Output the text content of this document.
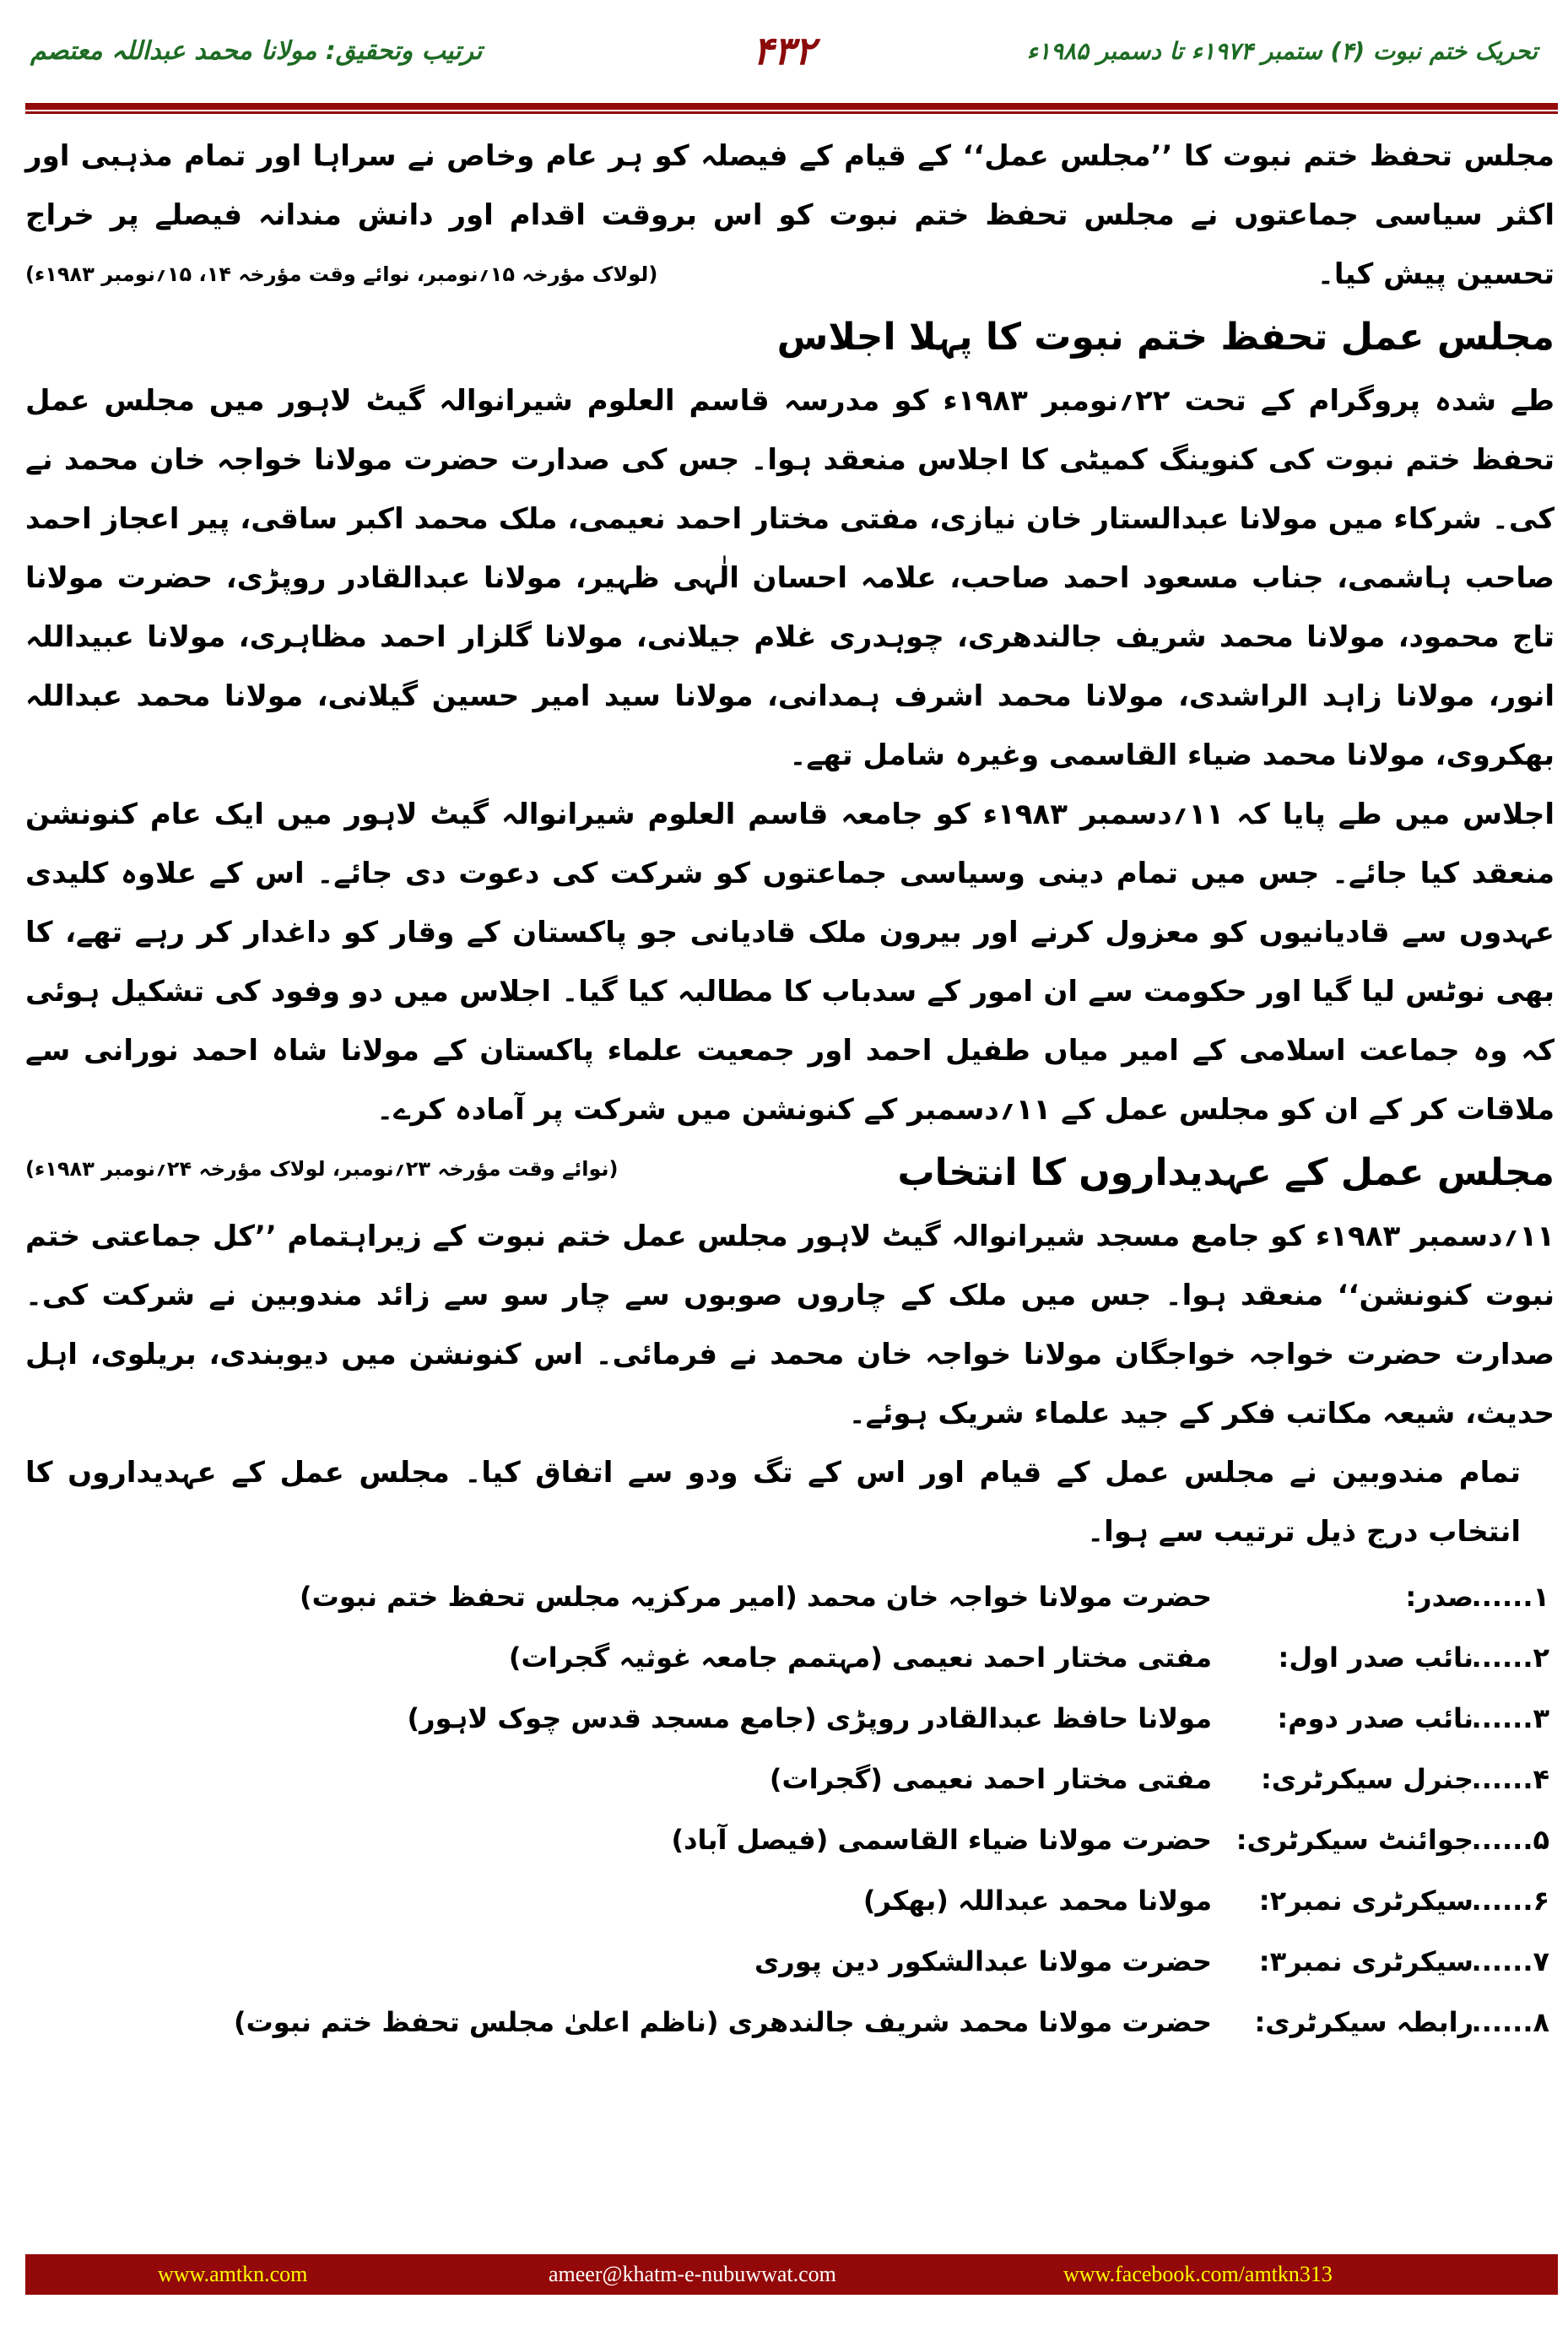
ترتیب وتحقیق: مولانا محمد عبداللہ معتصم	۴۳۲	تحریک ختم نبوت (۴) ستمبر ۱۹۷۴ء تا دسمبر ۱۹۸۵ء

مجلس تحفظ ختم نبوت کا ’’مجلس عمل‘‘ کے قیام کے فیصلہ کو ہر عام وخاص نے سراہا اور تمام مذہبی اور اکثر سیاسی جماعتوں نے مجلس تحفظ ختم نبوت کو اس بروقت اقدام اور دانش مندانہ فیصلے پر خراج تحسین پیش کیا۔
(لولاک مؤرخہ ۱۵؍نومبر، نوائے وقت مؤرخہ ۱۴، ۱۵؍نومبر ۱۹۸۳ء)

مجلس عمل تحفظ ختم نبوت کا پہلا اجلاس

طے شدہ پروگرام کے تحت ۲۲؍نومبر ۱۹۸۳ء کو مدرسہ قاسم العلوم شیرانوالہ گیٹ لاہور میں مجلس عمل تحفظ ختم نبوت کی کنوینگ کمیٹی کا اجلاس منعقد ہوا۔ جس کی صدارت حضرت مولانا خواجہ خان محمد نے کی۔ شرکاء میں مولانا عبدالستار خان نیازی، مفتی مختار احمد نعیمی، ملک محمد اکبر ساقی، پیر اعجاز احمد صاحب ہاشمی، جناب مسعود احمد صاحب، علامہ احسان الٰہی ظہیر، مولانا عبدالقادر روپڑی، حضرت مولانا تاج محمود، مولانا محمد شریف جالندھری، چوہدری غلام جیلانی، مولانا گلزار احمد مظاہری، مولانا عبیداللہ انور، مولانا زاہد الراشدی، مولانا محمد اشرف ہمدانی، مولانا سید امیر حسین گیلانی، مولانا محمد عبداللہ بھکروی، مولانا محمد ضیاء القاسمی وغیرہ شامل تھے۔

اجلاس میں طے پایا کہ ۱۱؍دسمبر ۱۹۸۳ء کو جامعہ قاسم العلوم شیرانوالہ گیٹ لاہور میں ایک عام کنونشن منعقد کیا جائے۔ جس میں تمام دینی وسیاسی جماعتوں کو شرکت کی دعوت دی جائے۔ اس کے علاوہ کلیدی عہدوں سے قادیانیوں کو معزول کرنے اور بیرون ملک قادیانی جو پاکستان کے وقار کو داغدار کر رہے تھے، کا بھی نوٹس لیا گیا اور حکومت سے ان امور کے سدباب کا مطالبہ کیا گیا۔ اجلاس میں دو وفود کی تشکیل ہوئی کہ وہ جماعت اسلامی کے امیر میاں طفیل احمد اور جمعیت علماء پاکستان کے مولانا شاہ احمد نورانی سے ملاقات کر کے ان کو مجلس عمل کے ۱۱؍دسمبر کے کنونشن میں شرکت پر آمادہ کرے۔
(نوائے وقت مؤرخہ ۲۳؍نومبر، لولاک مؤرخہ ۲۴؍نومبر ۱۹۸۳ء)	مجلس عمل کے عہدیداروں کا انتخاب

۱۱؍دسمبر ۱۹۸۳ء کو جامع مسجد شیرانوالہ گیٹ لاہور مجلس عمل ختم نبوت کے زیراہتمام ’’کل جماعتی ختم نبوت کنونشن‘‘ منعقد ہوا۔ جس میں ملک کے چاروں صوبوں سے چار سو سے زائد مندوبین نے شرکت کی۔ صدارت حضرت خواجہ خواجگان مولانا خواجہ خان محمد نے فرمائی۔ اس کنونشن میں دیوبندی، بریلوی، اہل حدیث، شیعہ مکاتب فکر کے جید علماء شریک ہوئے۔

تمام مندوبین نے مجلس عمل کے قیام اور اس کے تگ ودو سے اتفاق کیا۔ مجلس عمل کے عہدیداروں کا انتخاب درج ذیل ترتیب سے ہوا۔

۱......
صدر:
حضرت مولانا خواجہ خان محمد (امیر مرکزیہ مجلس تحفظ ختم نبوت)
۲......
نائب صدر اول:
مفتی مختار احمد نعیمی (مہتمم جامعہ غوثیہ گجرات)
۳......
نائب صدر دوم:
مولانا حافظ عبدالقادر روپڑی (جامع مسجد قدس چوک لاہور)
۴......
جنرل سیکرٹری:
مفتی مختار احمد نعیمی (گجرات)
۵......
جوائنٹ سیکرٹری:
حضرت مولانا ضیاء القاسمی (فیصل آباد)
۶......
سیکرٹری نمبر۲:
مولانا محمد عبداللہ (بھکر)
۷......
سیکرٹری نمبر۳:
حضرت مولانا عبدالشکور دین پوری
۸......
رابطہ سیکرٹری:
حضرت مولانا محمد شریف جالندھری (ناظم اعلیٰ مجلس تحفظ ختم نبوت)
www.amtkn.com	ameer@khatm-e-nubuwwat.com	www.facebook.com/amtkn313
